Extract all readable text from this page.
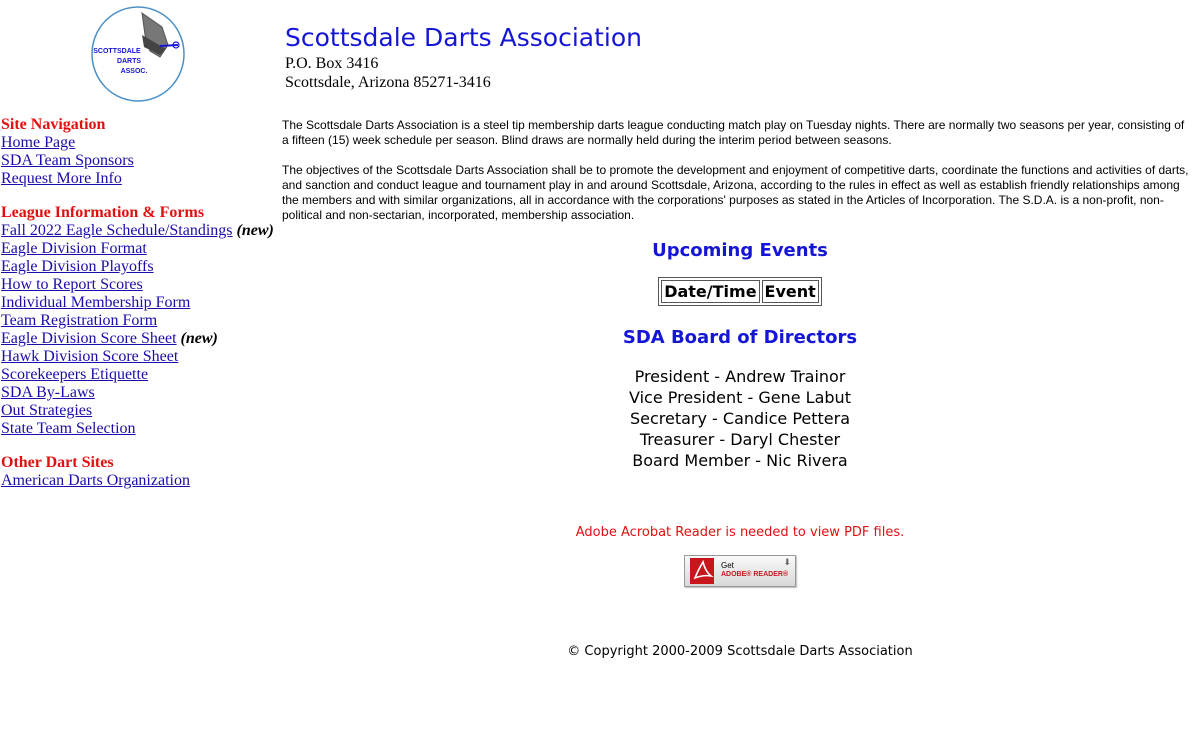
SCOTTSDALE
DARTS
ASSOC.
Scottsdale Darts Association
P.O. Box 3416
Scottsdale, Arizona 85271-3416
Site Navigation
Home Page
SDA Team Sponsors
Request More Info
League Information & Forms
Fall 2022 Eagle Schedule/Standings (new)
Eagle Division Format
Eagle Division Playoffs
How to Report Scores
Individual Membership Form
Team Registration Form
Eagle Division Score Sheet (new)
Hawk Division Score Sheet
Scorekeepers Etiquette
SDA By-Laws
Out Strategies
State Team Selection
Other Dart Sites
American Darts Organization

The Scottsdale Darts Association is a steel tip membership darts league conducting match play on Tuesday nights. There are normally two seasons per year, consisting of a fifteen (15) week schedule per season. Blind draws are normally held during the interim period between seasons.

The objectives of the Scottsdale Darts Association shall be to promote the development and enjoyment of competitive darts, coordinate the functions and activities of darts, and sanction and conduct league and tournament play in and around Scottsdale, Arizona, according to the rules in effect as well as establish friendly relationships among the members and with similar organizations, all in accordance with the corporations' purposes as stated in the Articles of Incorporation. The S.D.A. is a non-profit, non-political and non-sectarian, incorporated, membership association.

Upcoming Events
Date/Time	Event
SDA Board of Directors
President - Andrew Trainor
Vice President - Gene Labut
Secretary - Candice Pettera
Treasurer - Daryl Chester
Board Member - Nic Rivera
Adobe Acrobat Reader is needed to view PDF files.
Get
ADOBE® READER®
⬇
© Copyright 2000-2009 Scottsdale Darts Association
